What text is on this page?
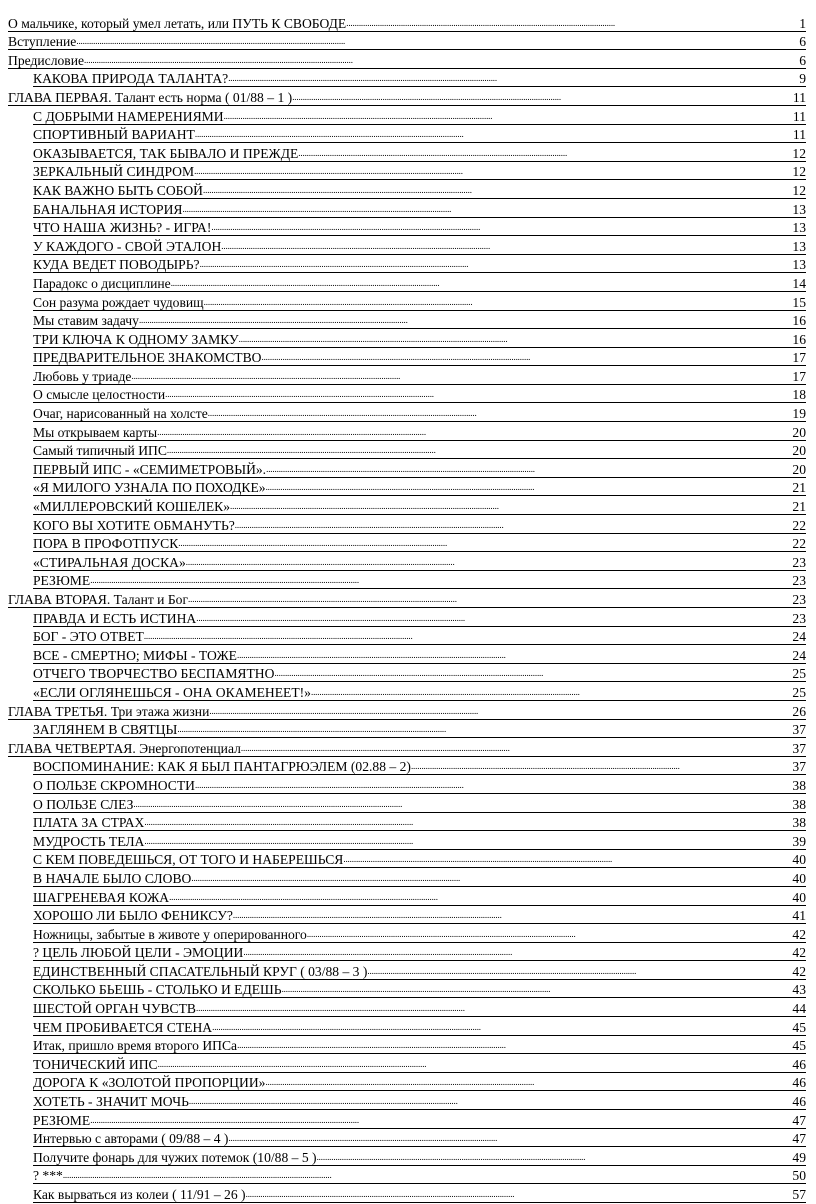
О мальчике, который умел летать, или ПУТЬ К СВОБОДЕ . . .	1
Вступление . . .	6
Предисловие . . .	6
КАКОВА ПРИРОДА ТАЛАНТА? . . .	9
ГЛАВА ПЕРВАЯ. Талант есть норма ( 01/88 – 1 ) . . .	11
С ДОБРЫМИ НАМЕРЕНИЯМИ . . .	11
СПОРТИВНЫЙ ВАРИАНТ . . .	11
ОКАЗЫВАЕТСЯ, ТАК БЫВАЛО И ПРЕЖДЕ . . .	12
ЗЕРКАЛЬНЫЙ СИНДРОМ . . .	12
КАК ВАЖНО БЫТЬ СОБОЙ . . .	12
БАНАЛЬНАЯ ИСТОРИЯ . . .	13
ЧТО НАША ЖИЗНЬ? - ИГРА! . . .	13
У КАЖДОГО - СВОЙ ЭТАЛОН . . .	13
КУДА ВЕДЕТ ПОВОДЫРЬ? . . .	13
Парадокс о дисциплине . . .	14
Сон разума рождает чудовищ . . .	15
Мы ставим задачу . . .	16
ТРИ КЛЮЧА К ОДНОМУ ЗАМКУ . . .	16
ПРЕДВАРИТЕЛЬНОЕ ЗНАКОМСТВО . . .	17
Любовь у триаде . . .	17
О смысле целостности . . .	18
Очаг, нарисованный на холсте . . .	19
Мы открываем карты . . .	20
Самый типичный ИПС . . .	20
ПЕРВЫЙ ИПС - «СЕМИМЕТРОВЫЙ». . . .	20
«Я МИЛОГО УЗНАЛА ПО ПОХОДКЕ» . . .	21
«МИЛЛЕРОВСКИЙ КОШЕЛЕК» . . .	21
КОГО ВЫ ХОТИТЕ ОБМАНУТЬ? . . .	22
ПОРА В ПРОФОТПУСК . . .	22
«СТИРАЛЬНАЯ ДОСКА» . . .	23
РЕЗЮМЕ . . .	23
ГЛАВА ВТОРАЯ. Талант и Бог . . .	23
ПРАВДА И ЕСТЬ ИСТИНА . . .	23
БОГ - ЭТО ОТВЕТ . . .	24
ВСЕ - СМЕРТНО; МИФЫ - ТОЖЕ . . .	24
ОТЧЕГО ТВОРЧЕСТВО БЕСПАМЯТНО . . .	25
«ЕСЛИ ОГЛЯНЕШЬСЯ - ОНА ОКАМЕНЕЕТ!» . . .	25
ГЛАВА ТРЕТЬЯ. Три этажа жизни . . .	26
ЗАГЛЯНЕМ В СВЯТЦЫ . . .	37
ГЛАВА ЧЕТВЕРТАЯ. Энергопотенциал . . .	37
ВОСПОМИНАНИЕ: КАК Я БЫЛ ПАНТАГРЮЭЛЕМ (02.88 – 2) . . .	37
О ПОЛЬЗЕ СКРОМНОСТИ . . .	38
О ПОЛЬЗЕ СЛЕЗ . . .	38
ПЛАТА ЗА СТРАХ . . .	38
МУДРОСТЬ ТЕЛА . . .	39
С КЕМ ПОВЕДЕШЬСЯ, ОТ ТОГО И НАБЕРЕШЬСЯ . . .	40
В НАЧАЛЕ БЫЛО СЛОВО . . .	40
ШАГРЕНЕВАЯ КОЖА . . .	40
ХОРОШО ЛИ БЫЛО ФЕНИКСУ? . . .	41
Ножницы, забытые в животе у оперированного . . .	42
? ЦЕЛЬ ЛЮБОЙ ЦЕЛИ - ЭМОЦИИ . . .	42
ЕДИНСТВЕННЫЙ СПАСАТЕЛЬНЫЙ КРУГ ( 03/88 – 3 ) . . .	42
СКОЛЬКО БЬЕШЬ - СТОЛЬКО И ЕДЕШЬ . . .	43
ШЕСТОЙ ОРГАН ЧУВСТВ . . .	44
ЧЕМ ПРОБИВАЕТСЯ СТЕНА . . .	45
Итак, пришло время второго ИПСа . . .	45
ТОНИЧЕСКИЙ ИПС . . .	46
ДОРОГА К «ЗОЛОТОЙ ПРОПОРЦИИ» . . .	46
ХОТЕТЬ - ЗНАЧИТ МОЧЬ . . .	46
РЕЗЮМЕ . . .	47
Интервью с авторами ( 09/88 – 4 ) . . .	47
Получите фонарь для чужих потемок (10/88 – 5 ) . . .	49
? *** . . .	50
Как вырваться из колеи ( 11/91 – 26 ) . . .	57
